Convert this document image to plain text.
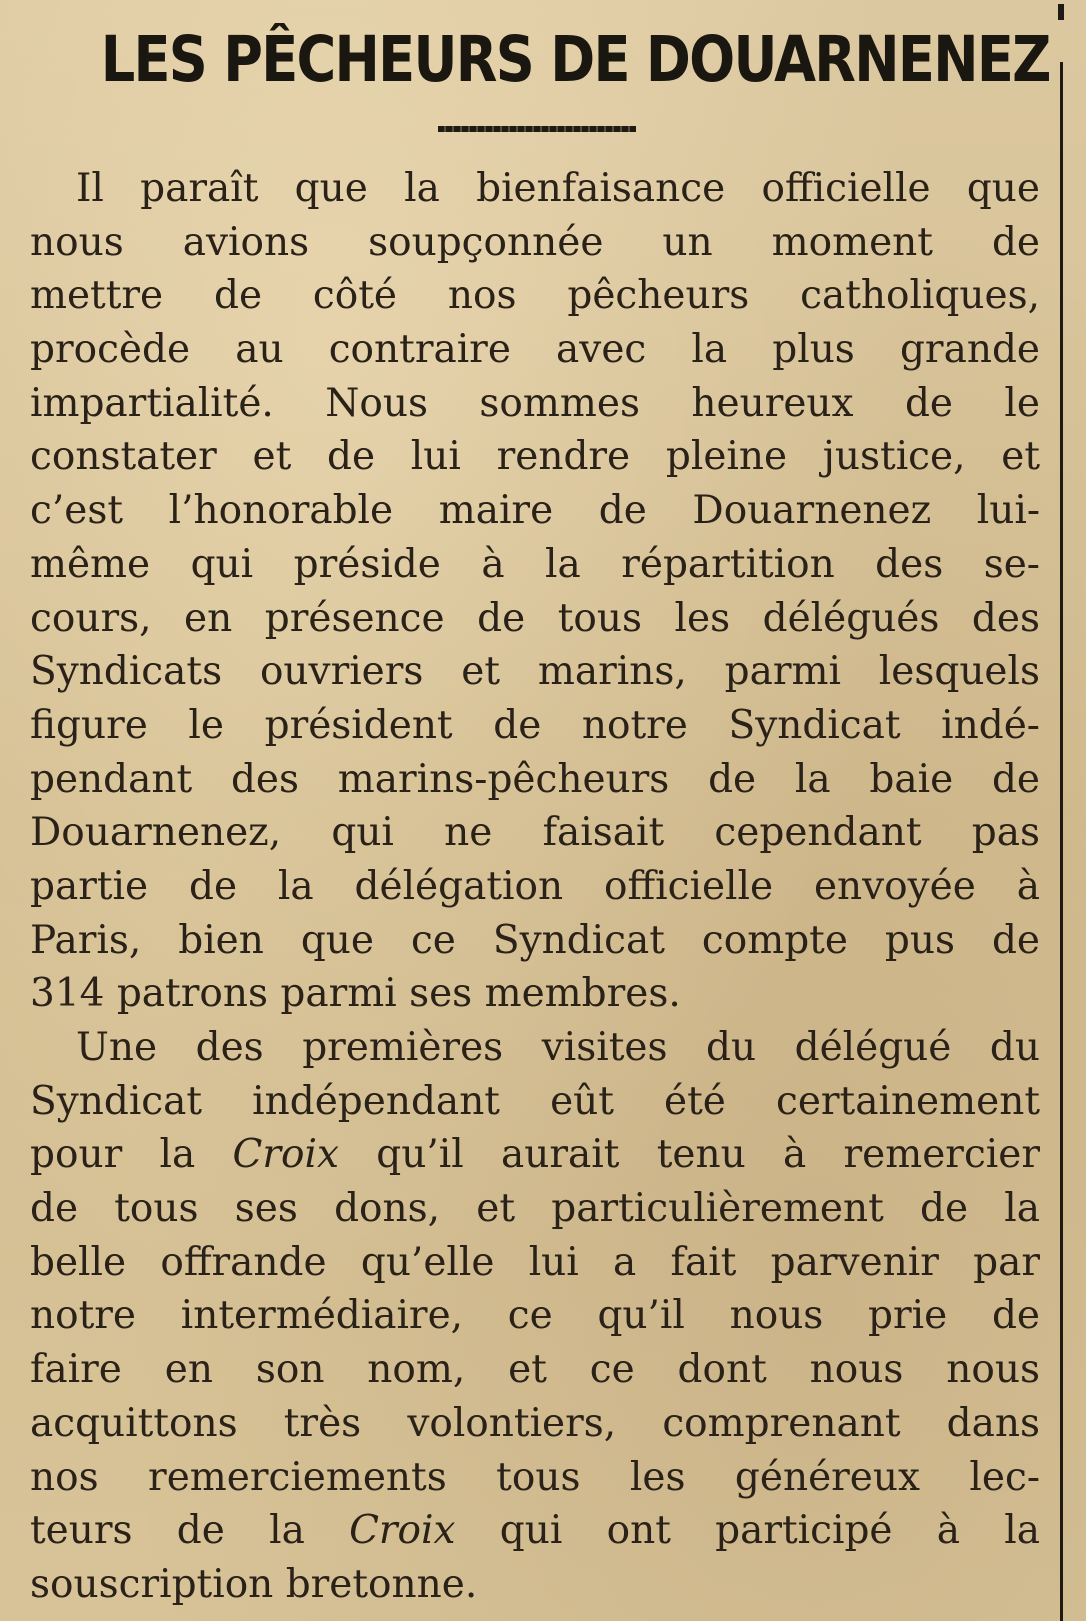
LES PÊCHEURS DE DOUARNENEZ
Il paraît que la bienfaisance officielle que
nous avions soupçonnée un moment de
mettre de côté nos pêcheurs catholiques,
procède au contraire avec la plus grande
impartialité. Nous sommes heureux de le
constater et de lui rendre pleine justice, et
c’est l’honorable maire de Douarnenez lui-
même qui préside à la répartition des se-
cours, en présence de tous les délégués des
Syndicats ouvriers et marins, parmi lesquels
figure le président de notre Syndicat indé-
pendant des marins-pêcheurs de la baie de
Douarnenez, qui ne faisait cependant pas
partie de la délégation officielle envoyée à
Paris, bien que ce Syndicat compte pus de
314 patrons parmi ses membres.
Une des premières visites du délégué du
Syndicat indépendant eût été certainement
pour la Croix qu’il aurait tenu à remercier
de tous ses dons, et particulièrement de la
belle offrande qu’elle lui a fait parvenir par
notre intermédiaire, ce qu’il nous prie de
faire en son nom, et ce dont nous nous
acquittons très volontiers, comprenant dans
nos remerciements tous les généreux lec-
teurs de la Croix qui ont participé à la
souscription bretonne.
